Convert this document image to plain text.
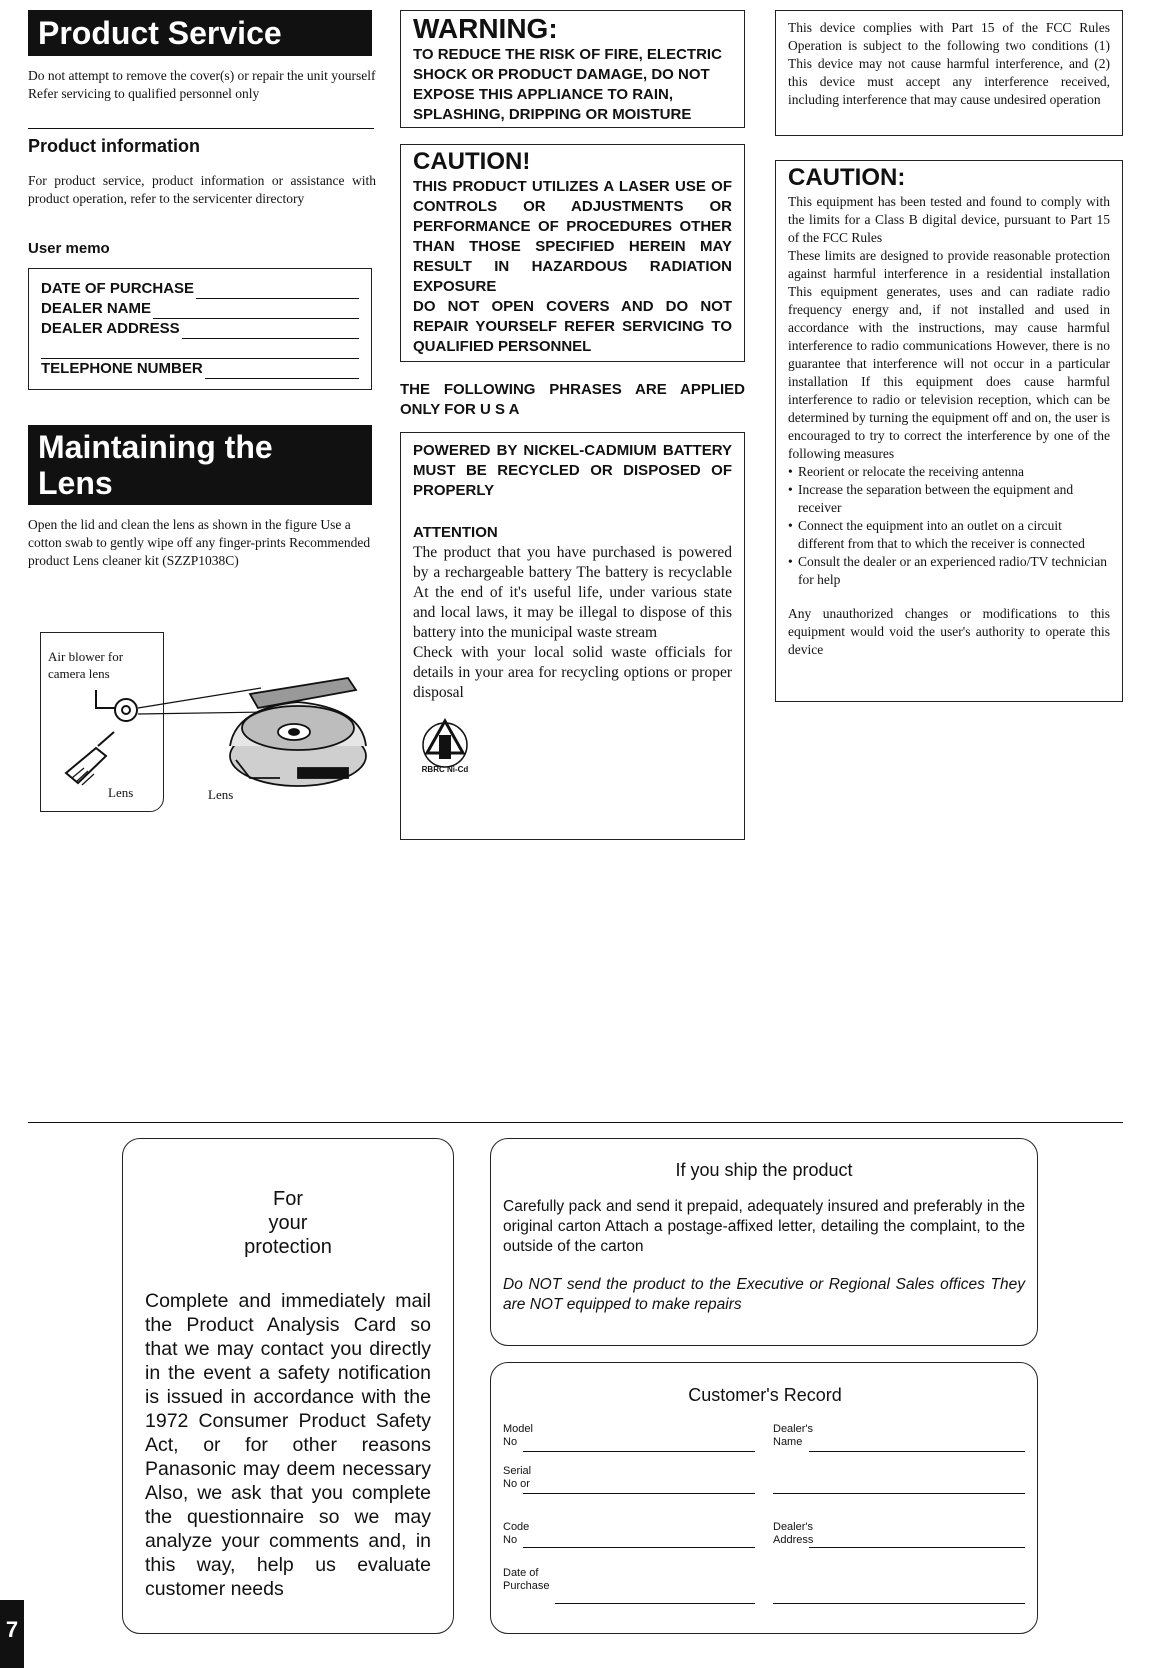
Product Service
Do not attempt to remove the cover(s) or repair the unit yourself Refer servicing to qualified personnel only
Product information
For product service, product information or assistance with product operation, refer to the servicenter directory
User memo
DATE OF PURCHASE
DEALER NAME
DEALER ADDRESS
TELEPHONE NUMBER
Maintaining the
Lens
Open the lid and clean the lens as shown in the figure Use a cotton swab to gently wipe off any finger-prints Recommended product Lens cleaner kit (SZZP1038C)
Air blower for camera lens
Lens	Lens
WARNING:
TO REDUCE THE RISK OF FIRE, ELECTRIC SHOCK OR PRODUCT DAMAGE, DO NOT EXPOSE THIS APPLIANCE TO RAIN, SPLASHING, DRIPPING OR MOISTURE
CAUTION!
THIS PRODUCT UTILIZES A LASER USE OF CONTROLS OR ADJUSTMENTS OR PERFORMANCE OF PROCEDURES OTHER THAN THOSE SPECIFIED HEREIN MAY RESULT IN HAZARDOUS RADIATION EXPOSURE
DO NOT OPEN COVERS AND DO NOT REPAIR YOURSELF REFER SERVICING TO QUALIFIED PERSONNEL
THE FOLLOWING PHRASES ARE APPLIED ONLY FOR U S A
POWERED BY NICKEL-CADMIUM BATTERY MUST BE RECYCLED OR DISPOSED OF PROPERLY
ATTENTION
The product that you have purchased is powered by a rechargeable battery The battery is recyclable At the end of it's useful life, under various state and local laws, it may be illegal to dispose of this battery into the municipal waste stream
Check with your local solid waste officials for details in your area for recycling options or proper disposal
RBRC Ni-Cd
This device complies with Part 15 of the FCC Rules Operation is subject to the following two conditions (1) This device may not cause harmful interference, and (2) this device must accept any interference received, including interference that may cause undesired operation
CAUTION:
This equipment has been tested and found to comply with the limits for a Class B digital device, pursuant to Part 15 of the FCC Rules
These limits are designed to provide reasonable protection against harmful interference in a residential installation This equipment generates, uses and can radiate radio frequency energy and, if not installed and used in accordance with the instructions, may cause harmful interference to radio communications However, there is no guarantee that interference will not occur in a particular installation If this equipment does cause harmful interference to radio or television reception, which can be determined by turning the equipment off and on, the user is encouraged to try to correct the interference by one of the following measures
• Reorient or relocate the receiving antenna
• Increase the separation between the equipment and receiver
• Connect the equipment into an outlet on a circuit different from that to which the receiver is connected
• Consult the dealer or an experienced radio/TV technician for help
Any unauthorized changes or modifications to this equipment would void the user's authority to operate this device
For
your
protection
Complete and immediately mail the Product Analysis Card so that we may contact you directly in the event a safety notification is issued in accordance with the 1972 Consumer Product Safety Act, or for other reasons Panasonic may deem necessary Also, we ask that you complete the questionnaire so we may analyze your comments and, in this way, help us evaluate customer needs
If you ship the product
Carefully pack and send it prepaid, adequately insured and preferably in the original carton Attach a postage-affixed letter, detailing the complaint, to the outside of the carton
Do NOT send the product to the Executive or Regional Sales offices They are NOT equipped to make repairs
Customer's Record
Model No
Dealer's Name
Serial No or
Code No
Dealer's Address
Date of Purchase
7
